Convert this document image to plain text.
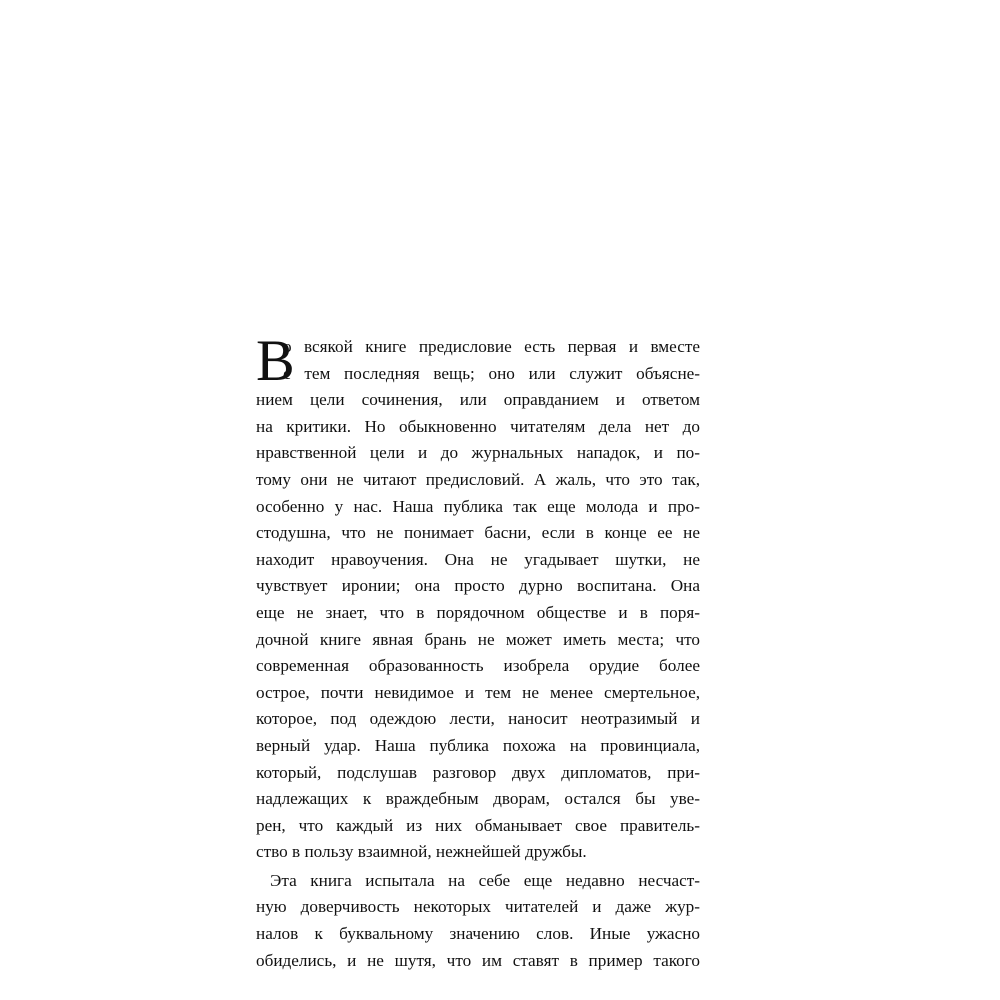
В
о всякой книге предисловие есть первая и вместе
с тем последняя вещь; оно или служит объясне-
нием цели сочинения, или оправданием и ответом
на критики. Но обыкновенно читателям дела нет до
нравственной цели и до журнальных нападок, и по-
тому они не читают предисловий. А жаль, что это так,
особенно у нас. Наша публика так еще молода и про-
стодушна, что не понимает басни, если в конце ее не
находит нравоучения. Она не угадывает шутки, не
чувствует иронии; она просто дурно воспитана. Она
еще не знает, что в порядочном обществе и в поря-
дочной книге явная брань не может иметь места; что
современная образованность изобрела орудие более
острое, почти невидимое и тем не менее смертельное,
которое, под одеждою лести, наносит неотразимый и
верный удар. Наша публика похожа на провинциала,
который, подслушав разговор двух дипломатов, при-
надлежащих к враждебным дворам, остался бы уве-
рен, что каждый из них обманывает свое правитель-
ство в пользу взаимной, нежнейшей дружбы.
Эта книга испытала на себе еще недавно несчаст-
ную доверчивость некоторых читателей и даже жур-
налов к буквальному значению слов. Иные ужасно
обиделись, и не шутя, что им ставят в пример такого
